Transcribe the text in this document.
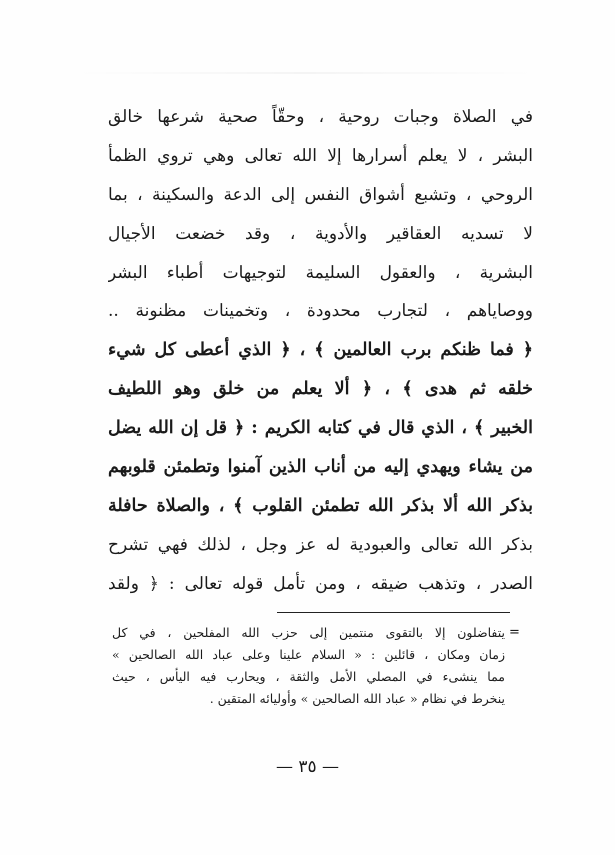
في الصلاة وجبات روحية ، وحقّاً صحية شرعها خالق
البشر ، لا يعلم أسرارها إلا الله تعالى وهي تروي الظمأ
الروحي ، وتشبع أشواق النفس إلى الدعة والسكينة ، بما
لا تسديه العقاقير والأدوية ، وقد خضعت الأجيال
البشرية ، والعقول السليمة لتوجيهات أطباء البشر
ووصاياهم ، لتجارب محدودة ، وتخمينات مظنونة ..
﴿ فما ظنكم برب العالمين ﴾ ، ﴿ الذي أعطى كل شيء
خلقه ثم هدى ﴾ ، ﴿ ألا يعلم من خلق وهو اللطيف
الخبير ﴾ ، الذي قال في كتابه الكريم : ﴿ قل إن الله يضل
من يشاء ويهدي إليه من أناب الذين آمنوا وتطمئن قلوبهم
بذكر الله ألا بذكر الله تطمئن القلوب ﴾ ، والصلاة حافلة
بذكر الله تعالى والعبودية له عز وجل ، لذلك فهي تشرح
الصدر ، وتذهب ضيقه ، ومن تأمل قوله تعالى : ﴿ ولقد
=
يتفاضلون إلا بالتقوى منتمين إلى حزب الله المفلحين ، في كل
زمان ومكان ، قائلين : « السلام علينا وعلى عباد الله الصالحين »
مما ينشىء في المصلي الأمل والثقة ، ويحارب فيه اليأس ، حيث
ينخرط في نظام « عباد الله الصالحين » وأوليائه المتقين .
— ٣٥ —
